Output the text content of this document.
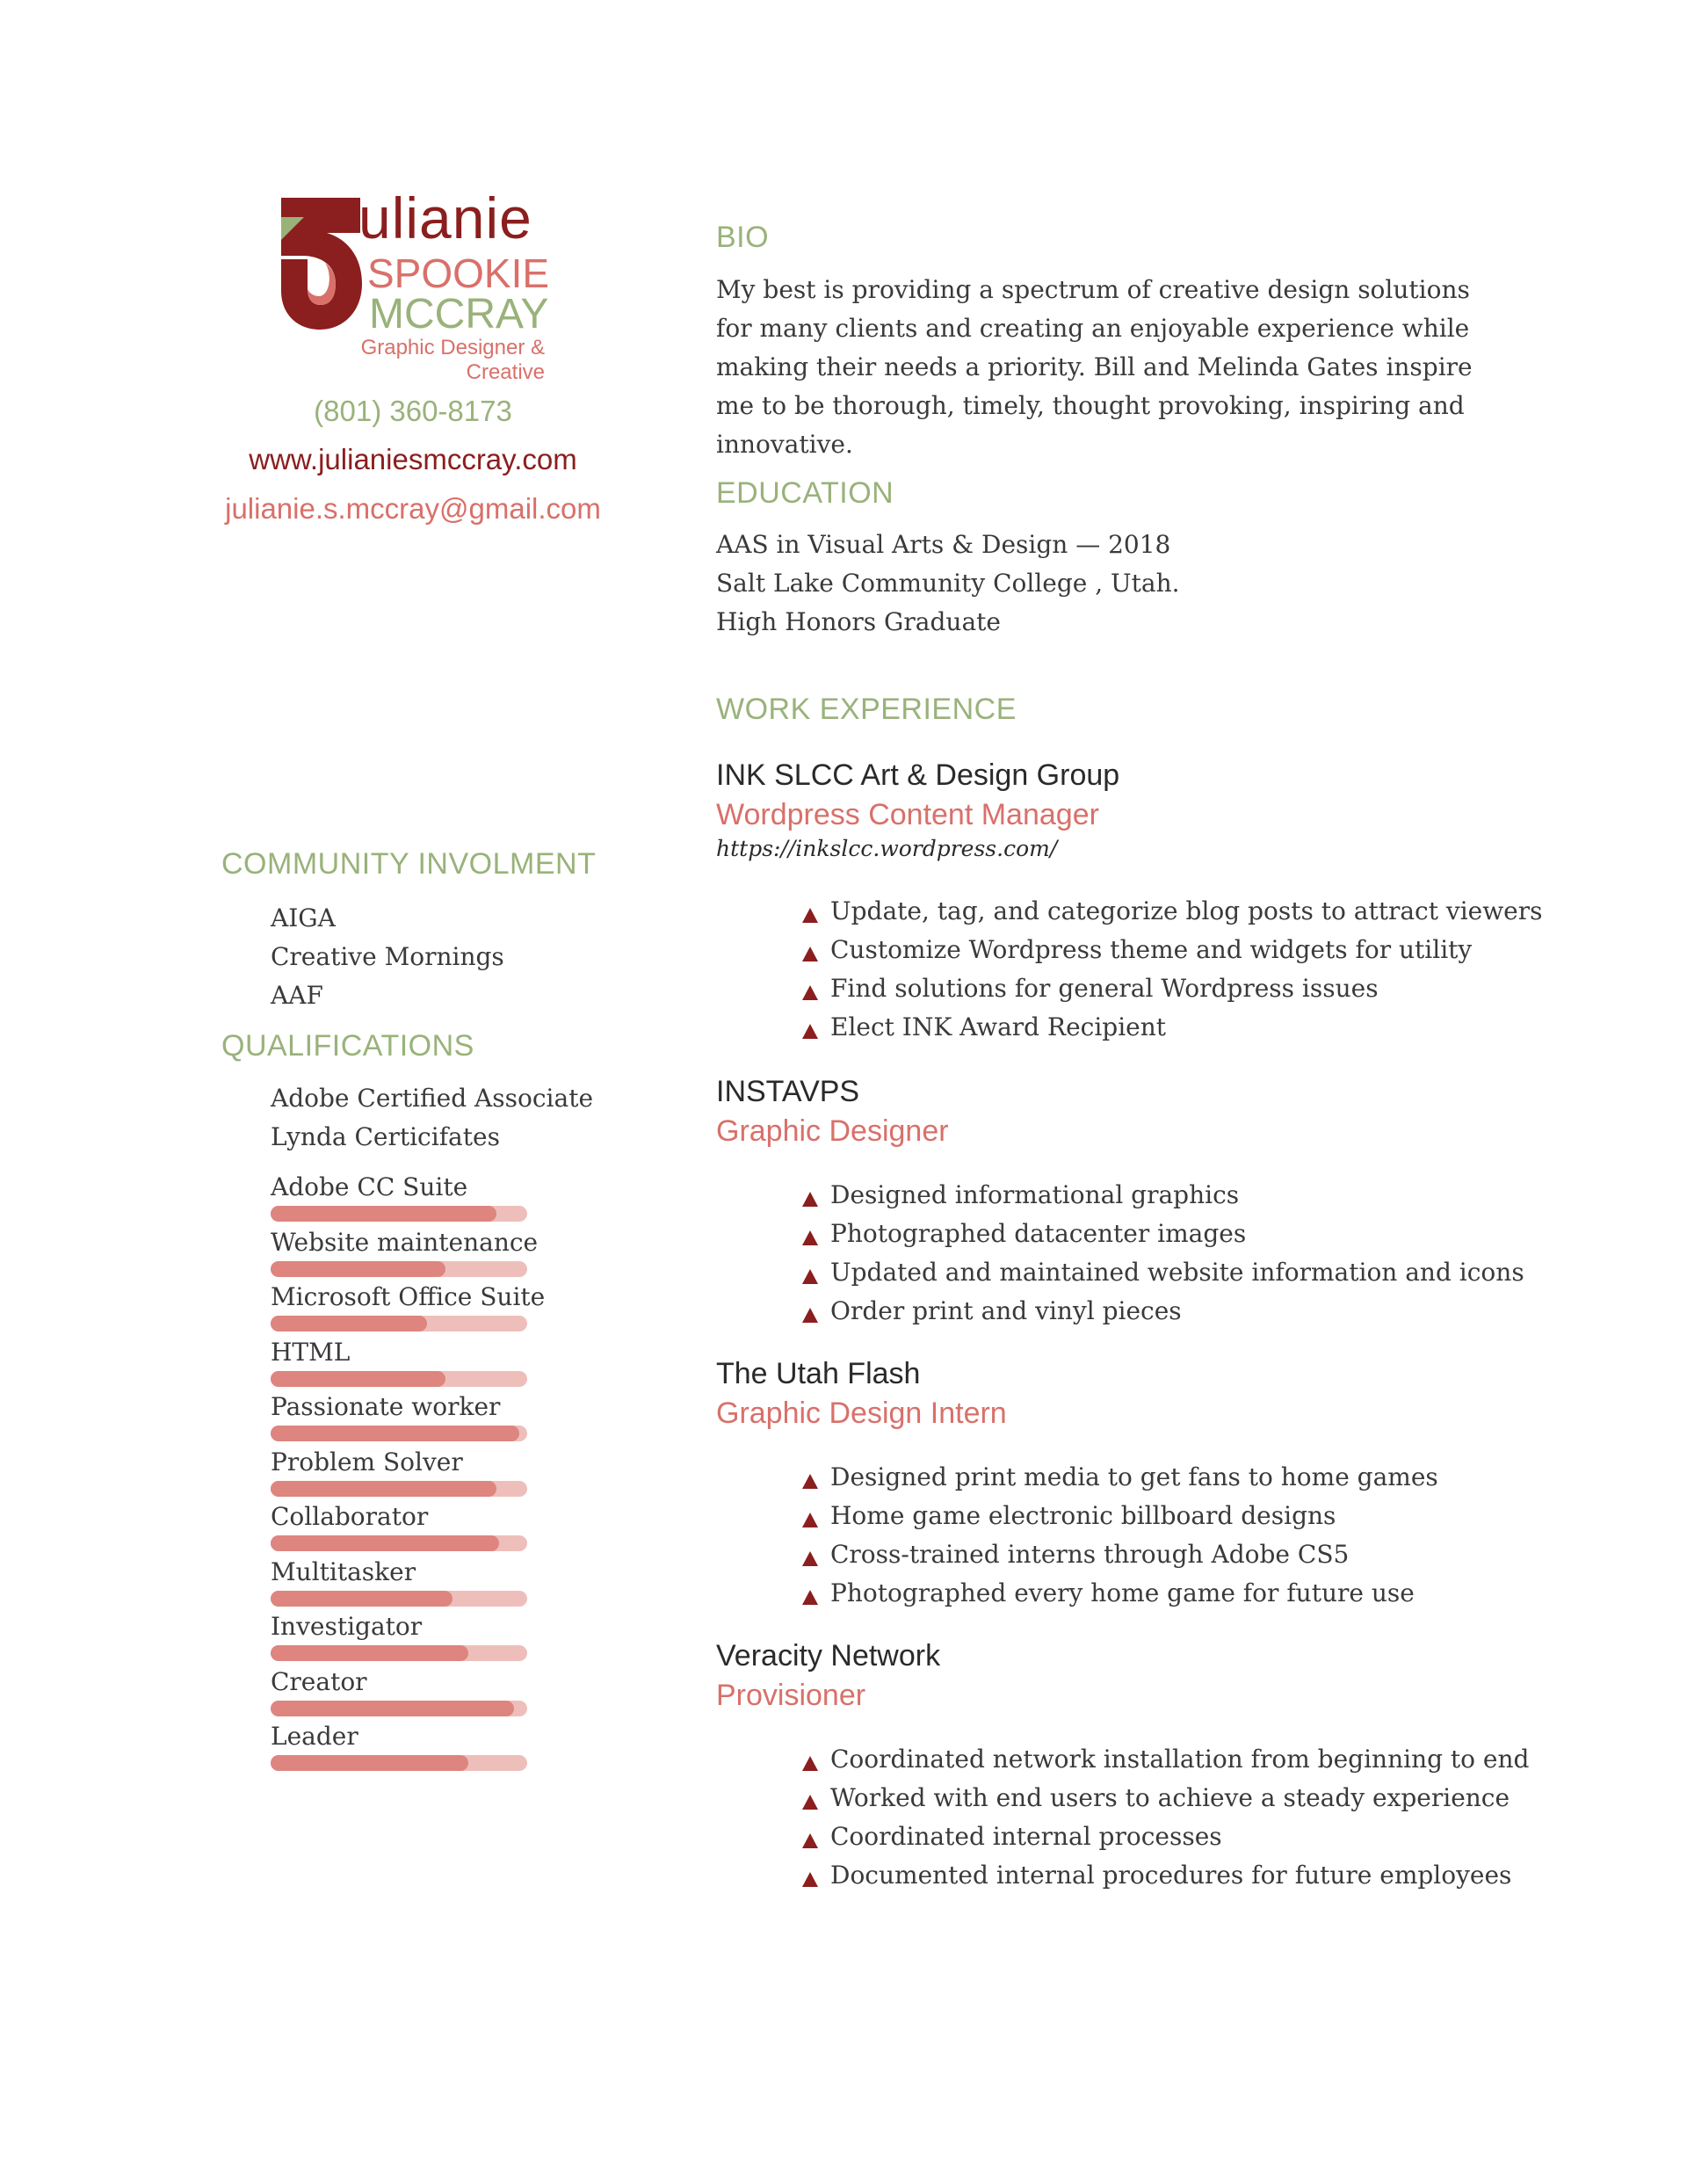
ulianie
SPOOKIE
MCCRAY
Graphic Designer & Creative
(801) 360-8173
www.julianiesmccray.com
julianie.s.mccray@gmail.com
COMMUNITY INVOLMENT
AIGA
Creative Mornings
AAF
QUALIFICATIONS
Adobe Certified Associate
Lynda Certicifates
Adobe CC Suite
Website maintenance
Microsoft Office Suite
HTML
Passionate worker
Problem Solver
Collaborator
Multitasker
Investigator
Creator
Leader
BIO

My best is providing a spectrum of creative design solutions for many clients and creating an enjoyable experience while making their needs a priority. Bill and Melinda Gates inspire me to be thorough, timely, thought provoking, inspiring and innovative.

EDUCATION
AAS in Visual Arts & Design — 2018
Salt Lake Community College , Utah.
High Honors Graduate
WORK EXPERIENCE
INK SLCC Art & Design Group
Wordpress Content Manager
https://inkslcc.wordpress.com/
Update, tag, and categorize blog posts to attract viewers
Customize Wordpress theme and widgets for utility
Find solutions for general Wordpress issues
Elect INK Award Recipient
INSTAVPS
Graphic Designer
Designed informational graphics
Photographed datacenter images
Updated and maintained website information and icons
Order print and vinyl pieces
The Utah Flash
Graphic Design Intern
Designed print media to get fans to home games
Home game electronic billboard designs
Cross-trained interns through Adobe CS5
Photographed every home game for future use
Veracity Network
Provisioner
Coordinated network installation from beginning to end
Worked with end users to achieve a steady experience
Coordinated internal processes
Documented internal procedures for future employees
